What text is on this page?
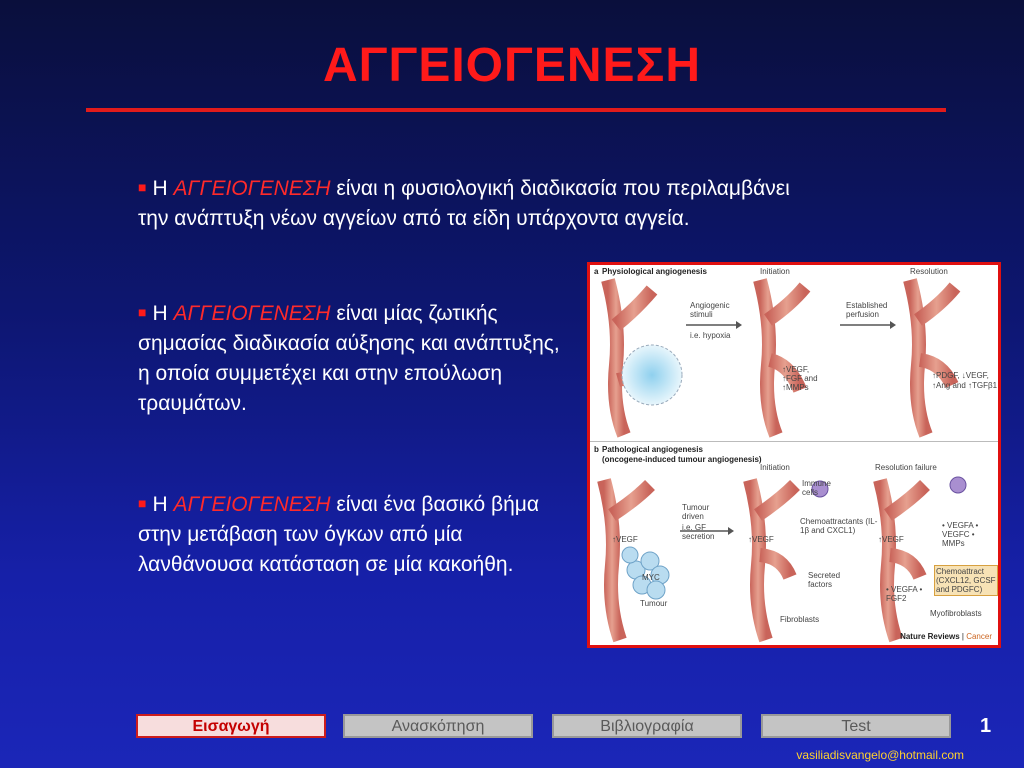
ΑΓΓΕΙΟΓΕΝΕΣΗ
■ Η ΑΓΓΕΙΟΓΕΝΕΣΗ είναι η φυσιολογική διαδικασία που περιλαμβάνει την ανάπτυξη νέων αγγείων από τα είδη υπάρχοντα αγγεία.
■ Η ΑΓΓΕΙΟΓΕΝΕΣΗ είναι μίας ζωτικής σημασίας διαδικασία αύξησης και ανάπτυξης, η οποία συμμετέχει και στην επούλωση τραυμάτων.
■ Η ΑΓΓΕΙΟΓΕΝΕΣΗ είναι ένα βασικό βήμα στην μετάβαση των όγκων από μία λανθάνουσα κατάσταση σε μία κακοήθη.
a Physiological angiogenesis	Initiation	Resolution
Angiogenic stimuli
i.e. hypoxia
Established perfusion
↑VEGF, ↑FGF and ↑MMPs
↑PDGF, ↓VEGF,
↑Ang and ↑TGFβ1
b Pathological angiogenesis
(oncogene-induced tumour angiogenesis)
Initiation	Resolution failure
Immune cells
Tumour driven
i.e. GF secretion
Chemoattractants (IL-1β and CXCL1)
↑VEGF	↑VEGF	↑VEGF
MYC
Tumour
Secreted factors
• VEGFA • FGF2
Fibroblasts
• VEGFA • VEGFC • MMPs
Chemoattract (CXCL12, GCSF and PDGFC)
Myofibroblasts
Nature Reviews | Cancer
Εισαγωγή	Ανασκόπηση	Βιβλιογραφία	Test	1
vasiliadisvangelo@hotmail.com
